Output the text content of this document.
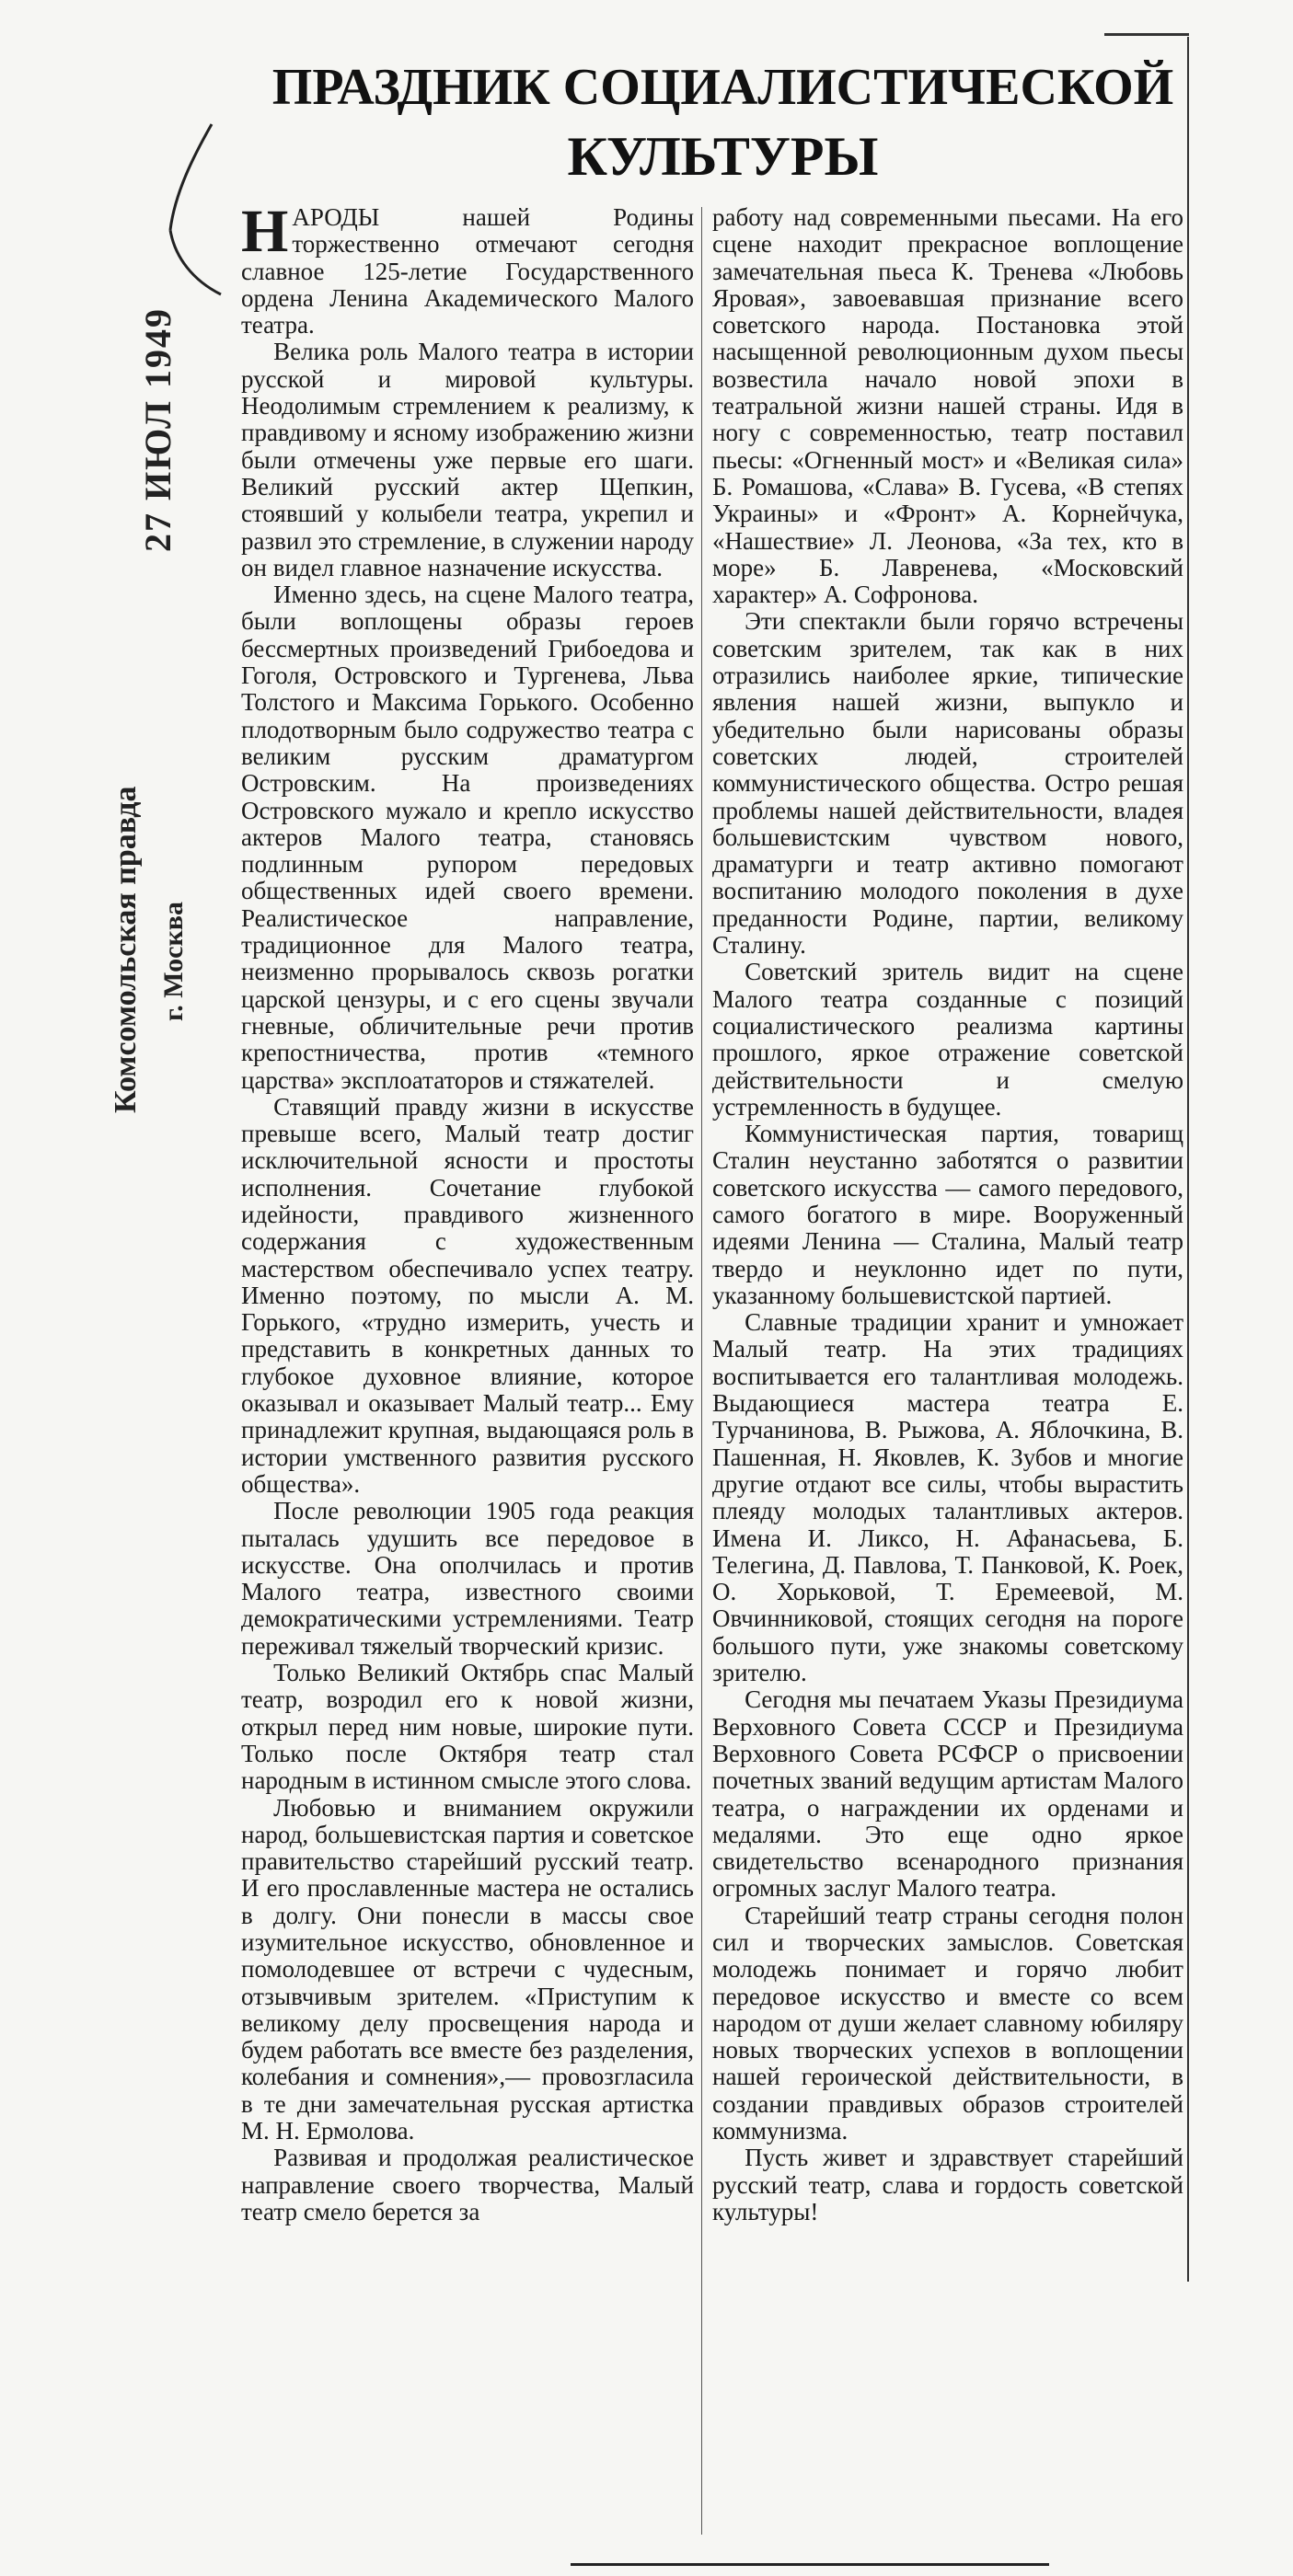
27 ИЮЛ 1949
Комсомольская правда г. Москва
ПРАЗДНИК СОЦИАЛИСТИЧЕСКОЙ
КУЛЬТУРЫ

НАРОДЫ нашей Родины торжественно отмечают сегодня славное 125-летие Государственного ордена Ленина Академического Малого театра.

Велика роль Малого театра в истории русской и мировой культуры. Неодолимым стремлением к реализму, к правдивому и ясному изображению жизни были отмечены уже первые его шаги. Великий русский актер Щепкин, стоявший у колыбели театра, укрепил и развил это стремление, в служении народу он видел главное назначение искусства.

Именно здесь, на сцене Малого театра, были воплощены образы героев бессмертных произведений Грибоедова и Гоголя, Островского и Тургенева, Льва Толстого и Максима Горького. Особенно плодотворным было содружество театра с великим русским драматургом Островским. На произведениях Островского мужало и крепло искусство актеров Малого театра, становясь подлинным рупором передовых общественных идей своего времени. Реалистическое направление, традиционное для Малого театра, неизменно прорывалось сквозь рогатки царской цензуры, и с его сцены звучали гневные, обличительные речи против крепостничества, против «темного царства» эксплоататоров и стяжателей.

Ставящий правду жизни в искусстве превыше всего, Малый театр достиг исключительной ясности и простоты исполнения. Сочетание глубокой идейности, правдивого жизненного содержания с художественным мастерством обеспечивало успех театру. Именно поэтому, по мысли А. М. Горького, «трудно измерить, учесть и представить в конкретных данных то глубокое духовное влияние, которое оказывал и оказывает Малый театр... Ему принадлежит крупная, выдающаяся роль в истории умственного развития русского общества».

После революции 1905 года реакция пыталась удушить все передовое в искусстве. Она ополчилась и против Малого театра, известного своими демократическими устремлениями. Театр переживал тяжелый творческий кризис.

Только Великий Октябрь спас Малый театр, возродил его к новой жизни, открыл перед ним новые, широкие пути. Только после Октября театр стал народным в истинном смысле этого слова.

Любовью и вниманием окружили народ, большевистская партия и советское правительство старейший русский театр. И его прославленные мастера не остались в долгу. Они понесли в массы свое изумительное искусство, обновленное и помолодевшее от встречи с чудесным, отзывчивым зрителем. «Приступим к великому делу просвещения народа и будем работать все вместе без разделения, колебания и сомнения»,— провозгласила в те дни замечательная русская артистка М. Н. Ермолова.

Развивая и продолжая реалистическое направление своего творчества, Малый театр смело берется за

работу над современными пьесами. На его сцене находит прекрасное воплощение замечательная пьеса К. Тренева «Любовь Яровая», завоевавшая признание всего советского народа. Постановка этой насыщенной революционным духом пьесы возвестила начало новой эпохи в театральной жизни нашей страны. Идя в ногу с современностью, театр поставил пьесы: «Огненный мост» и «Великая сила» Б. Ромашова, «Слава» В. Гусева, «В степях Украины» и «Фронт» А. Корнейчука, «Нашествие» Л. Леонова, «За тех, кто в море» Б. Лавренева, «Московский характер» А. Софронова.

Эти спектакли были горячо встречены советским зрителем, так как в них отразились наиболее яркие, типические явления нашей жизни, выпукло и убедительно были нарисованы образы советских людей, строителей коммунистического общества. Остро решая проблемы нашей действительности, владея большевистским чувством нового, драматурги и театр активно помогают воспитанию молодого поколения в духе преданности Родине, партии, великому Сталину.

Советский зритель видит на сцене Малого театра созданные с позиций социалистического реализма картины прошлого, яркое отражение советской действительности и смелую устремленность в будущее.

Коммунистическая партия, товарищ Сталин неустанно заботятся о развитии советского искусства — самого передового, самого богатого в мире. Вооруженный идеями Ленина — Сталина, Малый театр твердо и неуклонно идет по пути, указанному большевистской партией.

Славные традиции хранит и умножает Малый театр. На этих традициях воспитывается его талантливая молодежь. Выдающиеся мастера театра Е. Турчанинова, В. Рыжова, А. Яблочкина, В. Пашенная, Н. Яковлев, К. Зубов и многие другие отдают все силы, чтобы вырастить плеяду молодых талантливых актеров. Имена И. Ликсо, Н. Афанасьева, Б. Телегина, Д. Павлова, Т. Панковой, К. Роек, О. Хорьковой, Т. Еремеевой, М. Овчинниковой, стоящих сегодня на пороге большого пути, уже знакомы советскому зрителю.

Сегодня мы печатаем Указы Президиума Верховного Совета СССР и Президиума Верховного Совета РСФСР о присвоении почетных званий ведущим артистам Малого театра, о награждении их орденами и медалями. Это еще одно яркое свидетельство всенародного признания огромных заслуг Малого театра.

Старейший театр страны сегодня полон сил и творческих замыслов. Советская молодежь понимает и горячо любит передовое искусство и вместе со всем народом от души желает славному юбиляру новых творческих успехов в воплощении нашей героической действительности, в создании правдивых образов строителей коммунизма.

Пусть живет и здравствует старейший русский театр, слава и гордость советской культуры!
